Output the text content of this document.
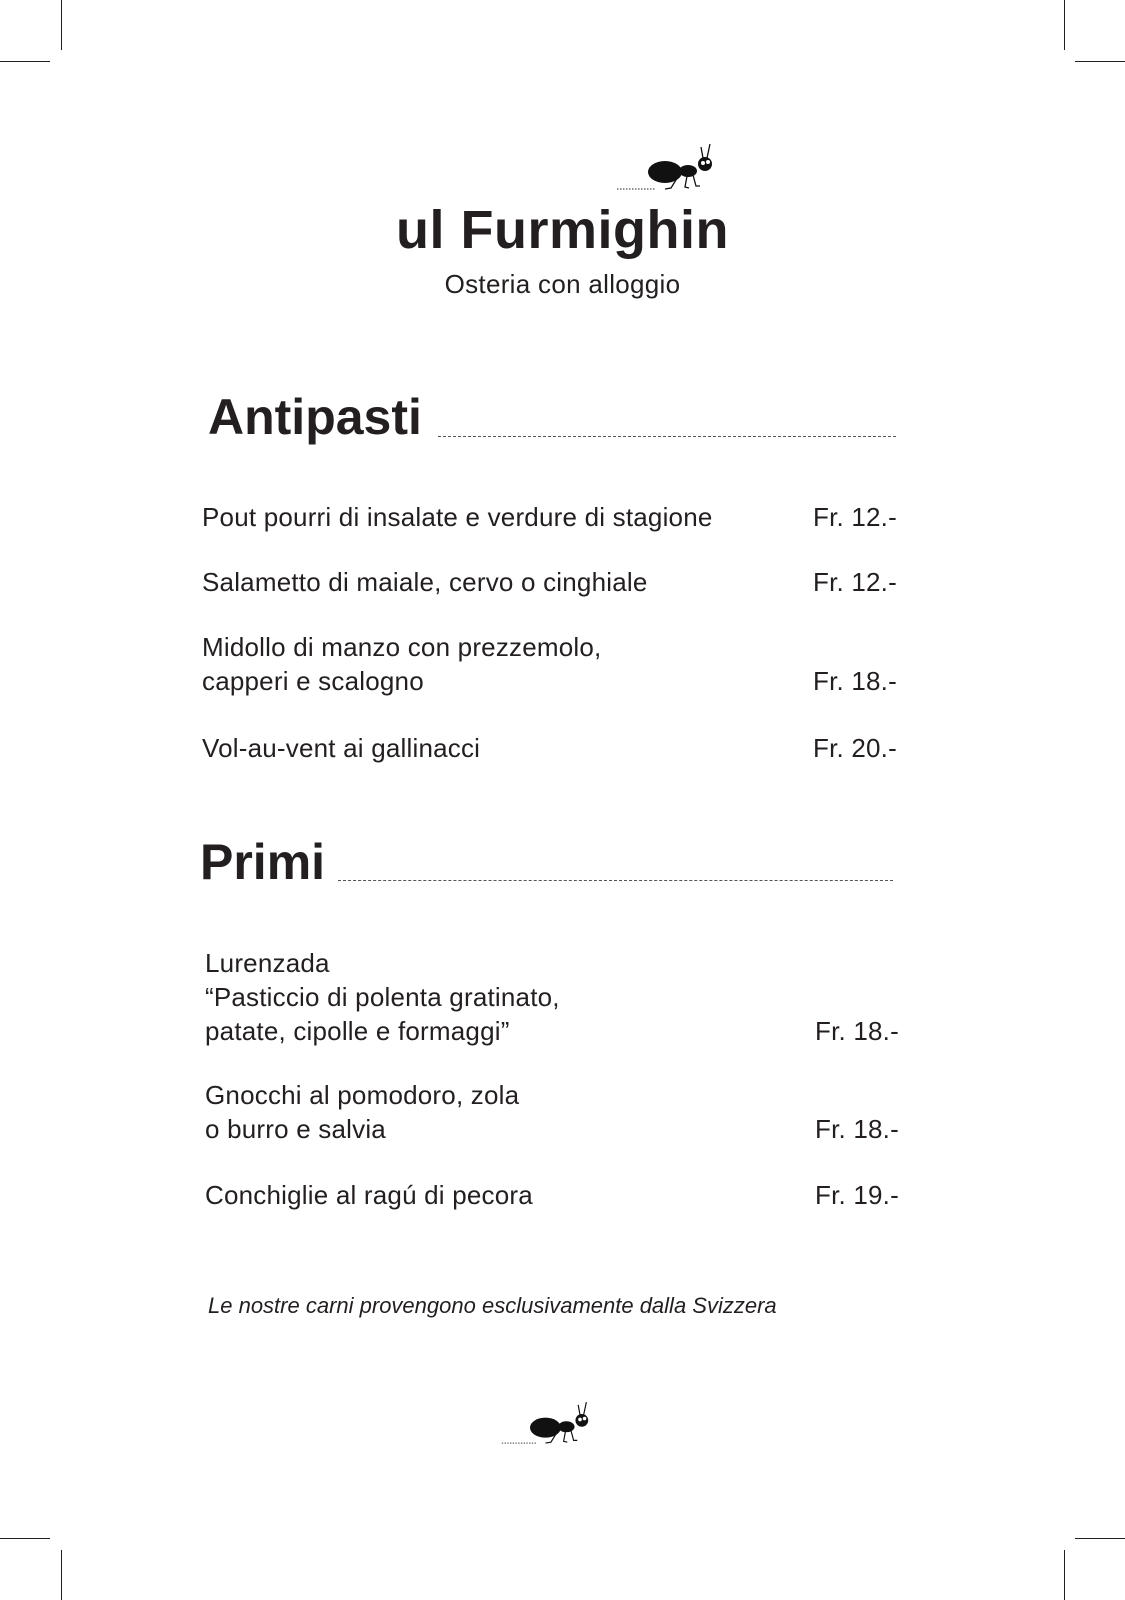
ul Furmighin
Osteria con alloggio
Antipasti
Pout pourri di insalate e verdure di stagione	Fr. 12.-
Salametto di maiale, cervo o cinghiale	Fr. 12.-
Midollo di manzo con prezzemolo,
capperi e scalogno	Fr. 18.-
Vol-au-vent ai gallinacci	Fr. 20.-
Primi
Lurenzada
“Pasticcio di polenta gratinato,
patate, cipolle e formaggi”	Fr. 18.-
Gnocchi al pomodoro, zola
o burro e salvia	Fr. 18.-
Conchiglie al ragú di pecora	Fr. 19.-
Le nostre carni provengono esclusivamente dalla Svizzera
